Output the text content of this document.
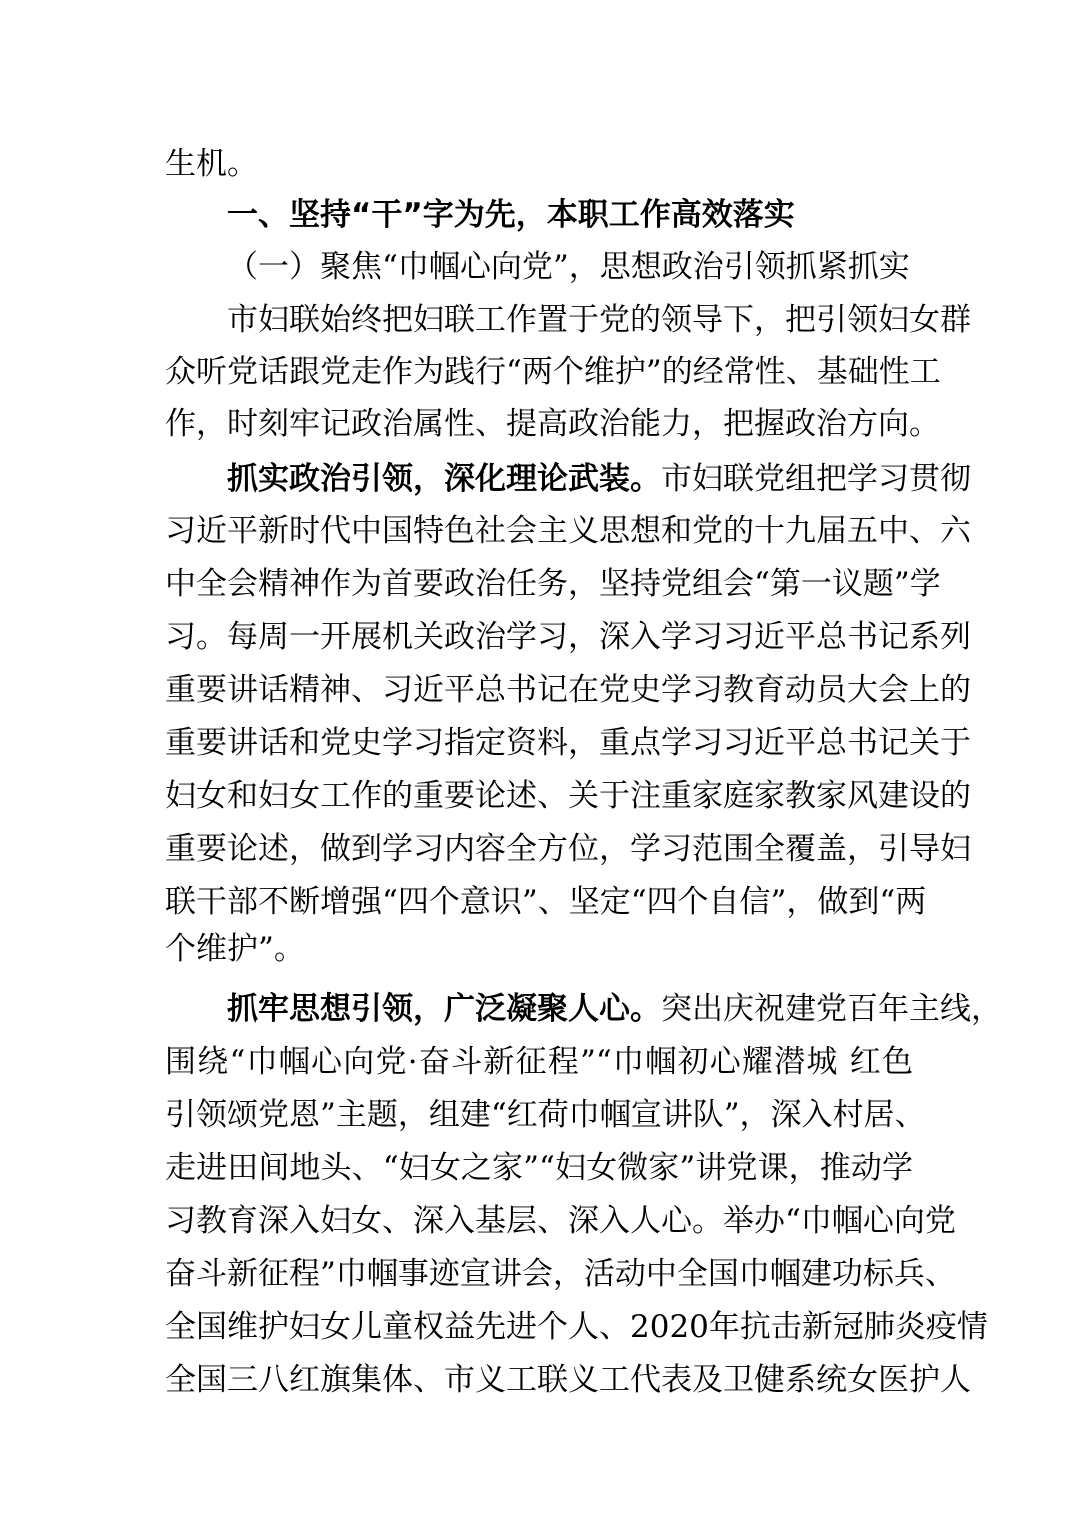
生机。
一、坚持“干”字为先，本职工作高效落实
（一）聚焦“巾帼心向党”，思想政治引领抓紧抓实
市妇联始终把妇联工作置于党的领导下，把引领妇女群
众听党话跟党走作为践行“两个维护”的经常性、基础性工
作，时刻牢记政治属性、提高政治能力，把握政治方向。
抓实政治引领，深化理论武装。市妇联党组把学习贯彻
习近平新时代中国特色社会主义思想和党的十九届五中、六
中全会精神作为首要政治任务，坚持党组会“第一议题”学
习。每周一开展机关政治学习，深入学习习近平总书记系列
重要讲话精神、习近平总书记在党史学习教育动员大会上的
重要讲话和党史学习指定资料，重点学习习近平总书记关于
妇女和妇女工作的重要论述、关于注重家庭家教家风建设的
重要论述，做到学习内容全方位，学习范围全覆盖，引导妇
联干部不断增强“四个意识”、坚定“四个自信”，做到“两
个维护”。
抓牢思想引领，广泛凝聚人心。突出庆祝建党百年主线，
围绕“巾帼心向党·奋斗新征程”“巾帼初心耀潜城 红色
引领颂党恩”主题，组建“红荷巾帼宣讲队”，深入村居、
走进田间地头、“妇女之家”“妇女微家”讲党课，推动学
习教育深入妇女、深入基层、深入人心。举办“巾帼心向党
奋斗新征程”巾帼事迹宣讲会，活动中全国巾帼建功标兵、
全国维护妇女儿童权益先进个人、2020年抗击新冠肺炎疫情
全国三八红旗集体、市义工联义工代表及卫健系统女医护人
